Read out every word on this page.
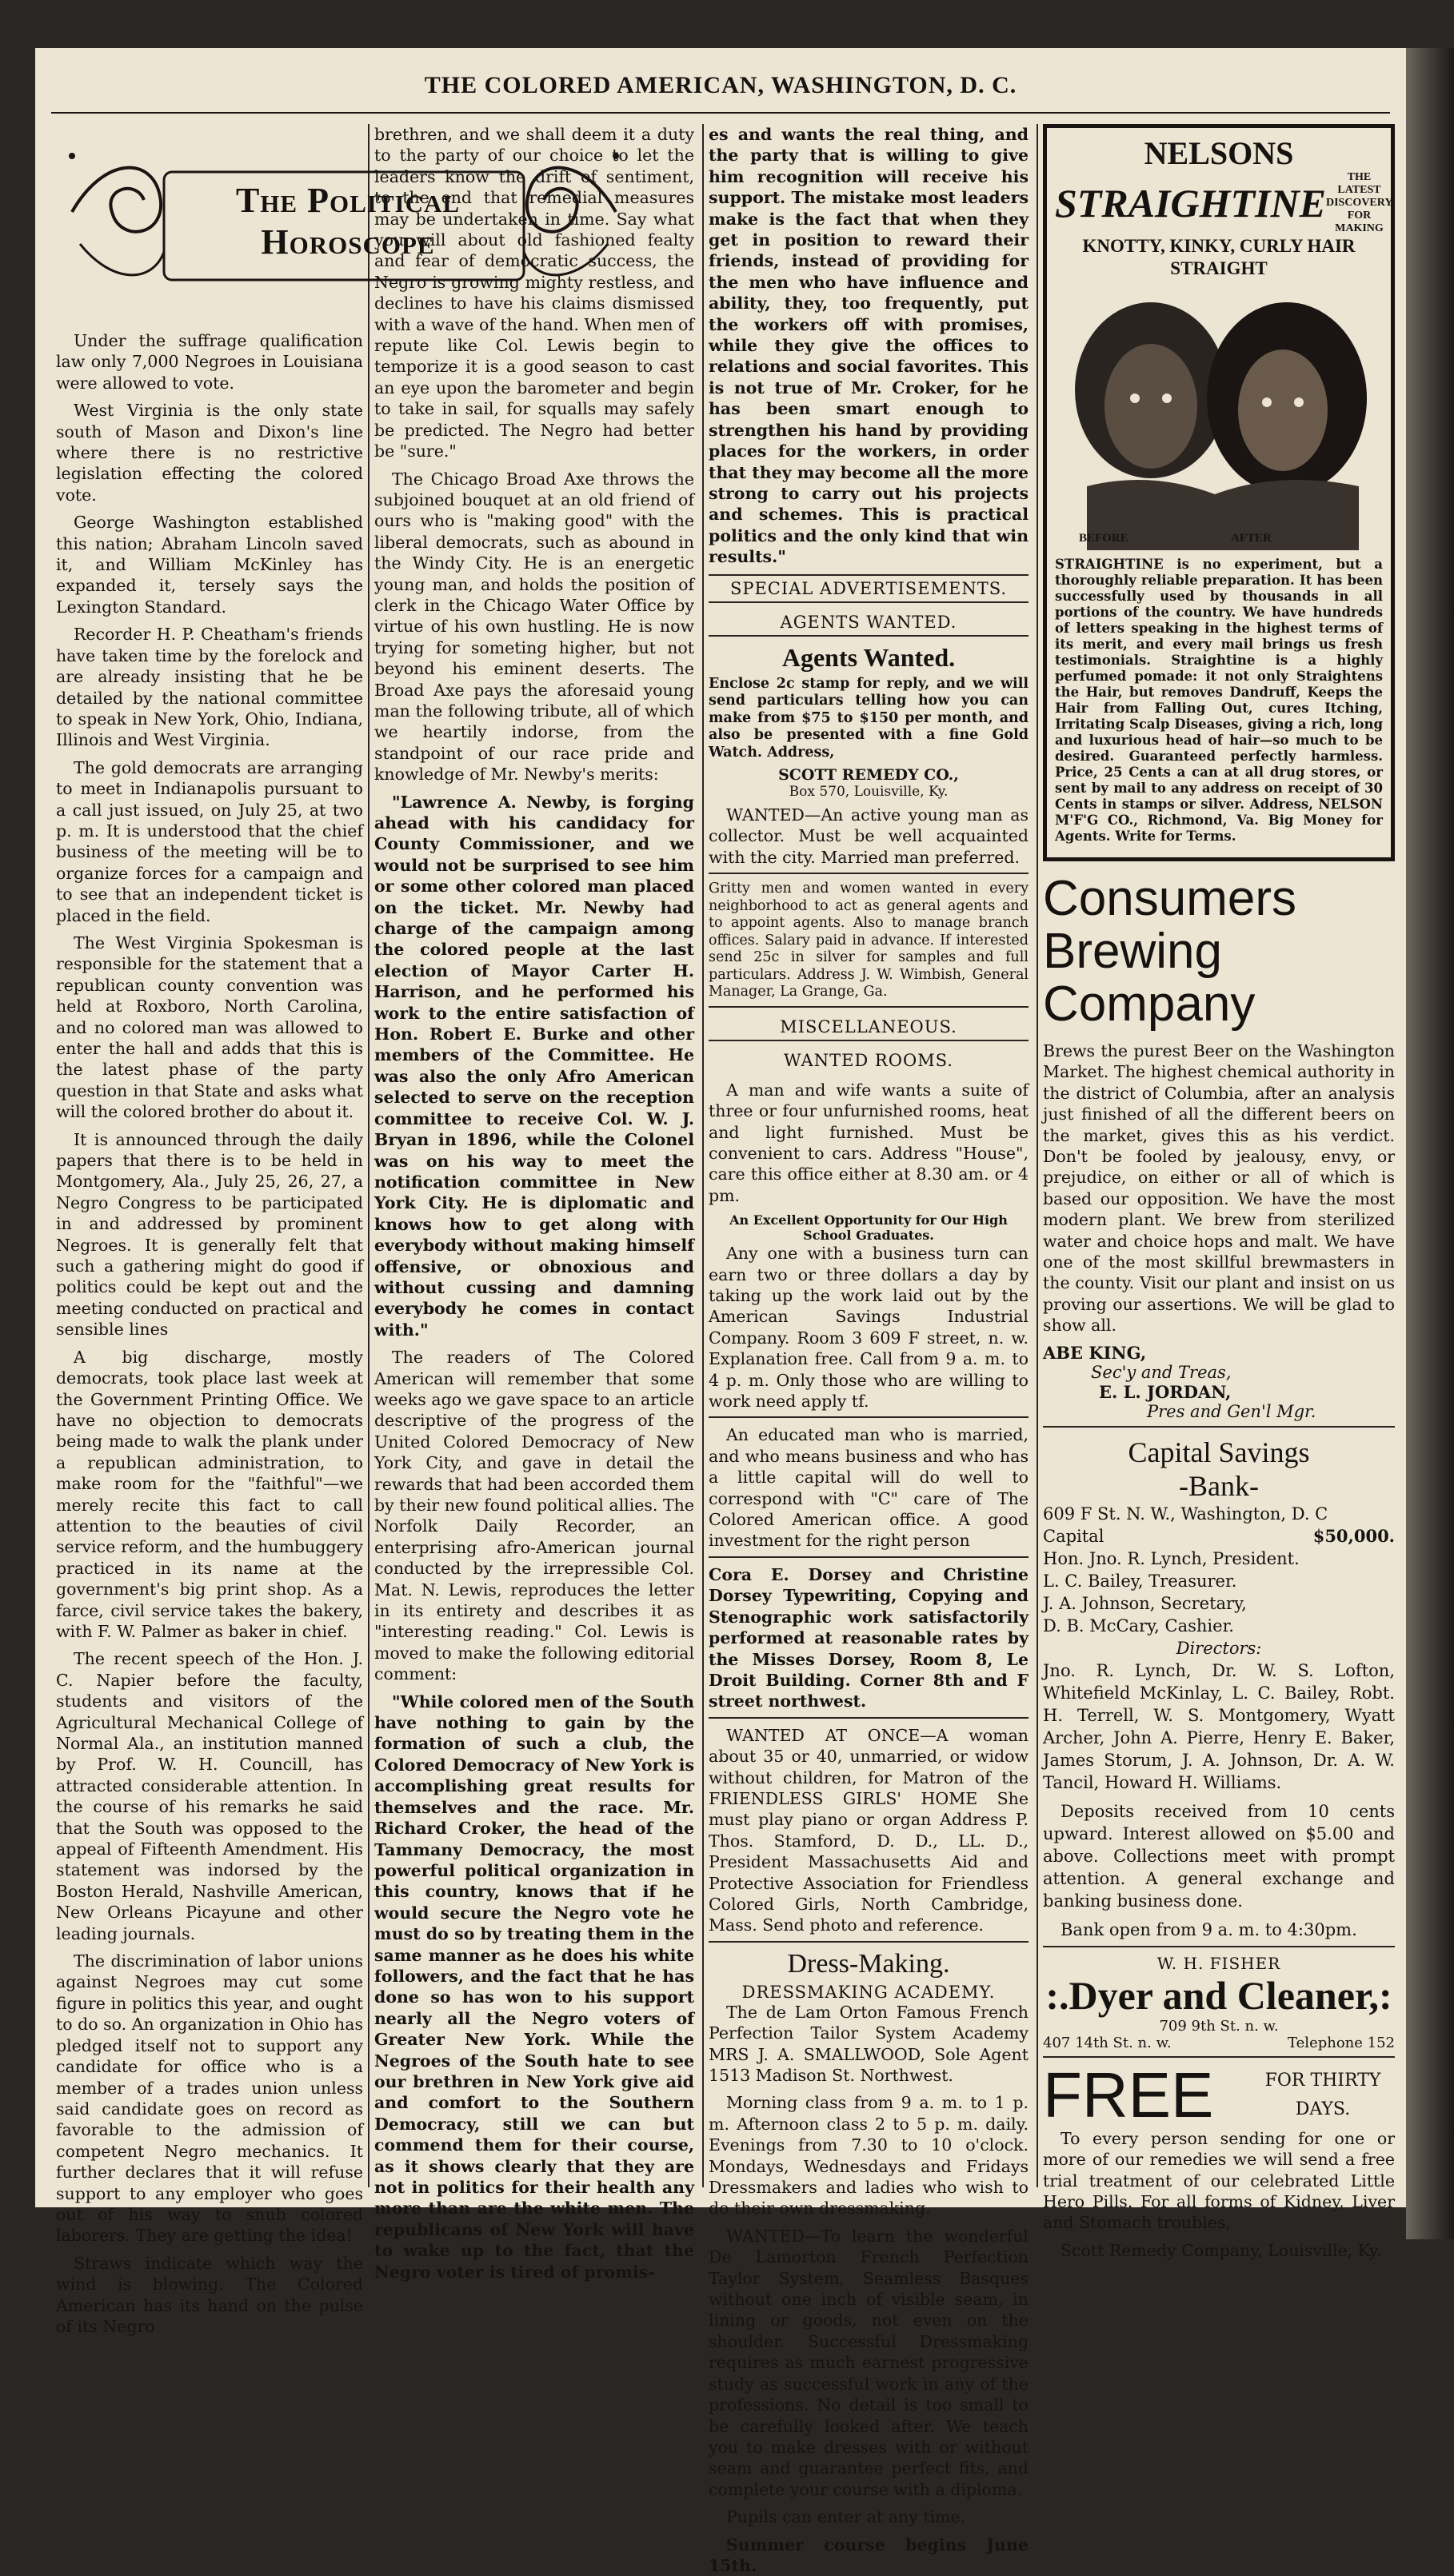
THE COLORED AMERICAN, WASHINGTON, D. C.
The Political
Horoscope

Under the suffrage qualification law only 7,000 Negroes in Louisiana were allowed to vote.

West Virginia is the only state south of Mason and Dixon's line where there is no restrictive legislation effecting the colored vote.

George Washington established this nation; Abraham Lincoln saved it, and William McKinley has expanded it, tersely says the Lexington Standard.

Recorder H. P. Cheatham's friends have taken time by the forelock and are already insisting that he be detailed by the national committee to speak in New York, Ohio, Indiana, Illinois and West Virginia.

The gold democrats are arranging to meet in Indianapolis pursuant to a call just issued, on July 25, at two p. m. It is understood that the chief business of the meeting will be to organize forces for a campaign and to see that an independent ticket is placed in the field.

The West Virginia Spokesman is responsible for the statement that a republican county convention was held at Roxboro, North Carolina, and no colored man was allowed to enter the hall and adds that this is the latest phase of the party question in that State and asks what will the colored brother do about it.

It is announced through the daily papers that there is to be held in Montgomery, Ala., July 25, 26, 27, a Negro Congress to be participated in and addressed by prominent Negroes. It is generally felt that such a gathering might do good if politics could be kept out and the meeting conducted on practical and sensible lines

A big discharge, mostly democrats, took place last week at the Government Printing Office. We have no objection to democrats being made to walk the plank under a republican administration, to make room for the "faithful"—we merely recite this fact to call attention to the beauties of civil service reform, and the humbuggery practiced in its name at the government's big print shop. As a farce, civil service takes the bakery, with F. W. Palmer as baker in chief.

The recent speech of the Hon. J. C. Napier before the faculty, students and visitors of the Agricultural Mechanical College of Normal Ala., an institution manned by Prof. W. H. Councill, has attracted considerable attention. In the course of his remarks he said that the South was opposed to the appeal of Fifteenth Amendment. His statement was indorsed by the Boston Herald, Nashville American, New Orleans Picayune and other leading journals.

The discrimination of labor unions against Negroes may cut some figure in politics this year, and ought to do so. An organization in Ohio has pledged itself not to support any candidate for office who is a member of a trades union unless said candidate goes on record as favorable to the admission of competent Negro mechanics. It further declares that it will refuse support to any employer who goes out of his way to snub colored laborers. They are getting the idea!

Straws indicate which way the wind is blowing. The Colored American has its hand on the pulse of its Negro

brethren, and we shall deem it a duty to the party of our choice to let the leaders know the drift of sentiment, to the end that remedial measures may be undertaken in time. Say what you will about old fashioned fealty and fear of democratic success, the Negro is growing mighty restless, and declines to have his claims dismissed with a wave of the hand. When men of repute like Col. Lewis begin to temporize it is a good season to cast an eye upon the barometer and begin to take in sail, for squalls may safely be predicted. The Negro had better be "sure."

The Chicago Broad Axe throws the subjoined bouquet at an old friend of ours who is "making good" with the liberal democrats, such as abound in the Windy City. He is an energetic young man, and holds the position of clerk in the Chicago Water Office by virtue of his own hustling. He is now trying for someting higher, but not beyond his eminent deserts. The Broad Axe pays the aforesaid young man the following tribute, all of which we heartily indorse, from the standpoint of our race pride and knowledge of Mr. Newby's merits:

"Lawrence A. Newby, is forging ahead with his candidacy for County Commissioner, and we would not be surprised to see him or some other colored man placed on the ticket. Mr. Newby had charge of the campaign among the colored people at the last election of Mayor Carter H. Harrison, and he performed his work to the entire satisfaction of Hon. Robert E. Burke and other members of the Committee. He was also the only Afro American selected to serve on the reception committee to receive Col. W. J. Bryan in 1896, while the Colonel was on his way to meet the notification committee in New York City. He is diplomatic and knows how to get along with everybody without making himself offensive, or obnoxious and without cussing and damning everybody he comes in contact with."

The readers of The Colored American will remember that some weeks ago we gave space to an article descriptive of the progress of the United Colored Democracy of New York City, and gave in detail the rewards that had been accorded them by their new found political allies. The Norfolk Daily Recorder, an enterprising afro-American journal conducted by the irrepressible Col. Mat. N. Lewis, reproduces the letter in its entirety and describes it as "interesting reading." Col. Lewis is moved to make the following editorial comment:

"While colored men of the South have nothing to gain by the formation of such a club, the Colored Democracy of New York is accomplishing great results for themselves and the race. Mr. Richard Croker, the head of the Tammany Democracy, the most powerful political organization in this country, knows that if he would secure the Negro vote he must do so by treating them in the same manner as he does his white followers, and the fact that he has done so has won to his support nearly all the Negro voters of Greater New York. While the Negroes of the South hate to see our brethren in New York give aid and comfort to the Southern Democracy, still we can but commend them for their course, as it shows clearly that they are not in politics for their health any more than are the white men. The republicans of New York will have to wake up to the fact, that the Negro voter is tired of promis-

es and wants the real thing, and the party that is willing to give him recognition will receive his support. The mistake most leaders make is the fact that when they get in position to reward their friends, instead of providing for the men who have influence and ability, they, too frequently, put the workers off with promises, while they give the offices to relations and social favorites. This is not true of Mr. Croker, for he has been smart enough to strengthen his hand by providing places for the workers, in order that they may become all the more strong to carry out his projects and schemes. This is practical politics and the only kind that win results."

SPECIAL ADVERTISEMENTS.
AGENTS WANTED.
Agents Wanted.

Enclose 2c stamp for reply, and we will send particulars telling how you can make from $75 to $150 per month, and also be presented with a fine Gold Watch. Address,

SCOTT REMEDY CO.,
Box 570, Louisville, Ky.

WANTED—An active young man as collector. Must be well acquainted with the city. Married man preferred.

Gritty men and women wanted in every neighborhood to act as general agents and to appoint agents. Also to manage branch offices. Salary paid in advance. If interested send 25c in silver for samples and full particulars. Address J. W. Wimbish, General Manager, La Grange, Ga.

MISCELLANEOUS.
WANTED ROOMS.

A man and wife wants a suite of three or four unfurnished rooms, heat and light furnished. Must be convenient to cars. Address "House", care this office either at 8.30 am. or 4 pm.

An Excellent Opportunity for Our High School Graduates.

Any one with a business turn can earn two or three dollars a day by taking up the work laid out by the American Savings Industrial Company. Room 3 609 F street, n. w. Explanation free. Call from 9 a. m. to 4 p. m. Only those who are willing to work need apply tf.

An educated man who is married, and who means business and who has a little capital will do well to correspond with "C" care of The Colored American office. A good investment for the right person

Cora E. Dorsey and Christine Dorsey Typewriting, Copying and Stenographic work satisfactorily performed at reasonable rates by the Misses Dorsey, Room 8, Le Droit Building. Corner 8th and F street northwest.

WANTED AT ONCE—A woman about 35 or 40, unmarried, or widow without children, for Matron of the FRIENDLESS GIRLS' HOME She must play piano or organ Address P. Thos. Stamford, D. D., LL. D., President Massachusetts Aid and Protective Association for Friendless Colored Girls, North Cambridge, Mass. Send photo and reference.

Dress-Making.
DRESSMAKING ACADEMY.

The de Lam Orton Famous French Perfection Tailor System Academy MRS J. A. SMALLWOOD, Sole Agent 1513 Madison St. Northwest.

Morning class from 9 a. m. to 1 p. m. Afternoon class 2 to 5 p. m. daily. Evenings from 7.30 to 10 o'clock. Mondays, Wednesdays and Fridays Dressmakers and ladies who wish to do their own dressmaking.

WANTED—To learn the wonderful De Lamorton French Perfection Taylor System, Seamless Basques without one inch of visible seam, in lining or goods, not even on the shoulder. Successful Dressmaking requires as much earnest progressive study as successful work in any of the professions. No detail is too small to be carefully looked after. We teach you to make dresses with or without seam and guarantee perfect fits, and complete your course with a diploma.

Pupils can enter at any time.

Summer course begins June 15th.

NELSONS
STRAIGHTINE
THE LATEST DISCOVERY FOR MAKING
KNOTTY, KINKY, CURLY HAIR STRAIGHT
BEFORE	AFTER

STRAIGHTINE is no experiment, but a thoroughly reliable preparation. It has been successfully used by thousands in all portions of the country. We have hundreds of letters speaking in the highest terms of its merit, and every mail brings us fresh testimonials. Straightine is a highly perfumed pomade: it not only Straightens the Hair, but removes Dandruff, Keeps the Hair from Falling Out, cures Itching, Irritating Scalp Diseases, giving a rich, long and luxurious head of hair—so much to be desired. Guaranteed perfectly harmless. Price, 25 Cents a can at all drug stores, or sent by mail to any address on receipt of 30 Cents in stamps or silver. Address, NELSON M'F'G CO., Richmond, Va. Big Money for Agents. Write for Terms.

Consumers
Brewing
Company

Brews the purest Beer on the Washington Market. The highest chemical authority in the district of Columbia, after an analysis just finished of all the different beers on the market, gives this as his verdict. Don't be fooled by jealousy, envy, or prejudice, on either or all of which is based our opposition. We have the most modern plant. We brew from sterilized water and choice hops and malt. We have one of the most skillful brewmasters in the county. Visit our plant and insist on us proving our assertions. We will be glad to show all.

ABE KING,
Sec'y and Treas,
E. L. JORDAN,
Pres and Gen'l Mgr.
Capital Savings
-Bank-
609 F St. N. W., Washington, D. C
Capital	$50,000.
Hon. Jno. R. Lynch, President.
L. C. Bailey, Treasurer.
J. A. Johnson, Secretary,
D. B. McCary, Cashier.
Directors:

Jno. R. Lynch, Dr. W. S. Lofton, Whitefield McKinlay, L. C. Bailey, Robt. H. Terrell, W. S. Montgomery, Wyatt Archer, John A. Pierre, Henry E. Baker, James Storum, J. A. Johnson, Dr. A. W. Tancil, Howard H. Williams.

Deposits received from 10 cents upward. Interest allowed on $5.00 and above. Collections meet with prompt attention. A general exchange and banking business done.

Bank open from 9 a. m. to 4:30pm.

W. H. FISHER
:.Dyer and Cleaner,:
709 9th St. n. w.
407 14th St. n. w.	Telephone 152
FREE	FOR THIRTY
DAYS.

To every person sending for one or more of our remedies we will send a free trial treatment of our celebrated Little Hero Pills. For all forms of Kidney, Liver and Stomach troubles,

Scott Remedy Company, Louisville, Ky.
